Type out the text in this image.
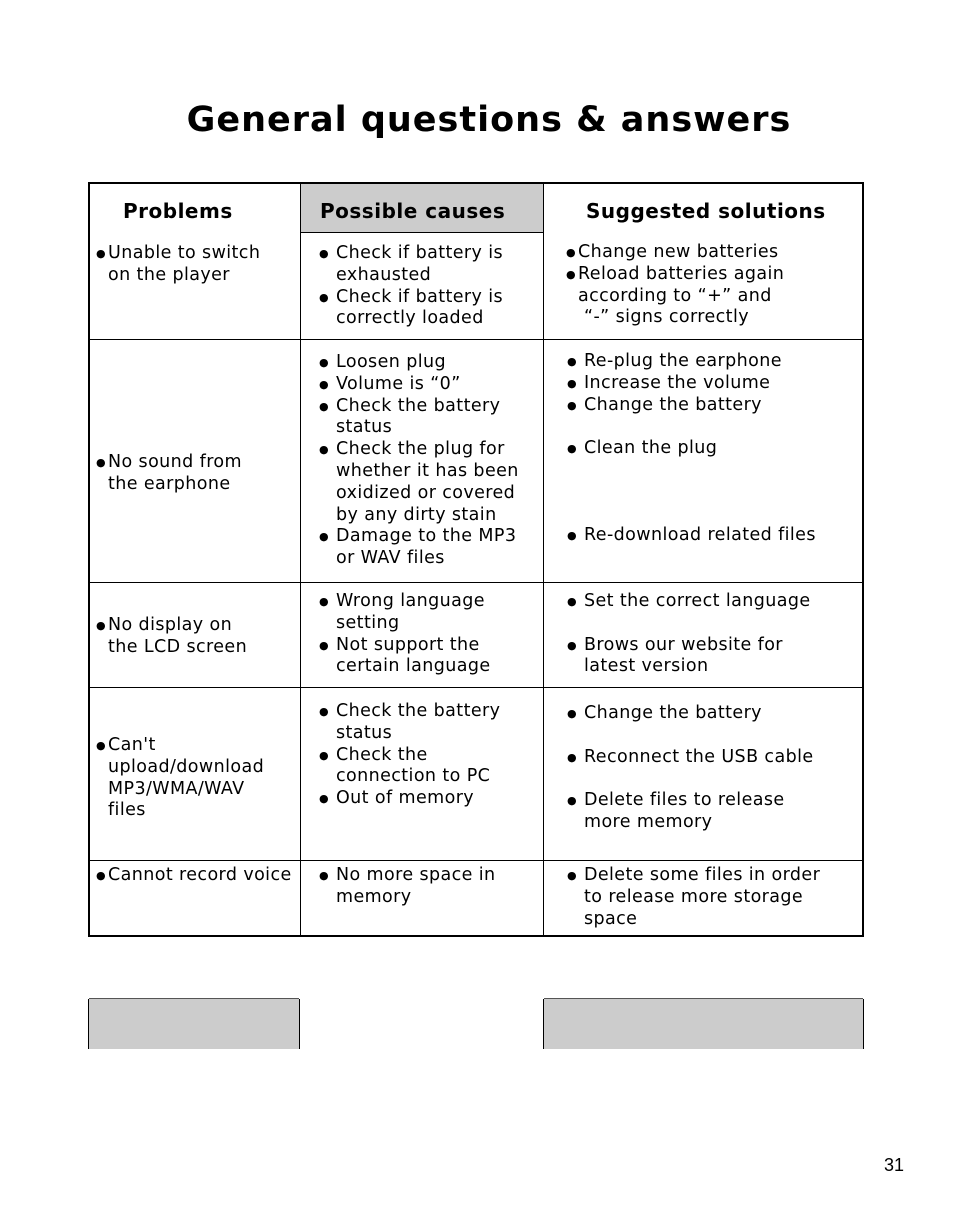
General questions & answers
Problems	Possible causes	Suggested solutions
● Unable to switch
on the player
● Check if battery is
exhausted
● Check if battery is
correctly loaded
● Change new batteries
● Reload batteries again
according to “+” and
“-” signs correctly
● No sound from
the earphone
● Loosen plug
● Volume is “0”
● Check the battery
status
● Check the plug for
whether it has been
oxidized or covered
by any dirty stain
● Damage to the MP3
or WAV files
● Re-plug the earphone
● Increase the volume
● Change the battery
● Clean the plug
● Re-download related files
● No display on
the LCD screen
● Wrong language
setting
● Not support the
certain language
● Set the correct language
● Brows our website for
latest version
● Can't
upload/download
MP3/WMA/WAV
files
● Check the battery
status
● Check the
connection to PC
● Out of memory
● Change the battery
● Reconnect the USB cable
● Delete files to release
more memory
● Cannot record voice
●	No more space in
memory
● Delete some files in order
to release more storage
space
31
